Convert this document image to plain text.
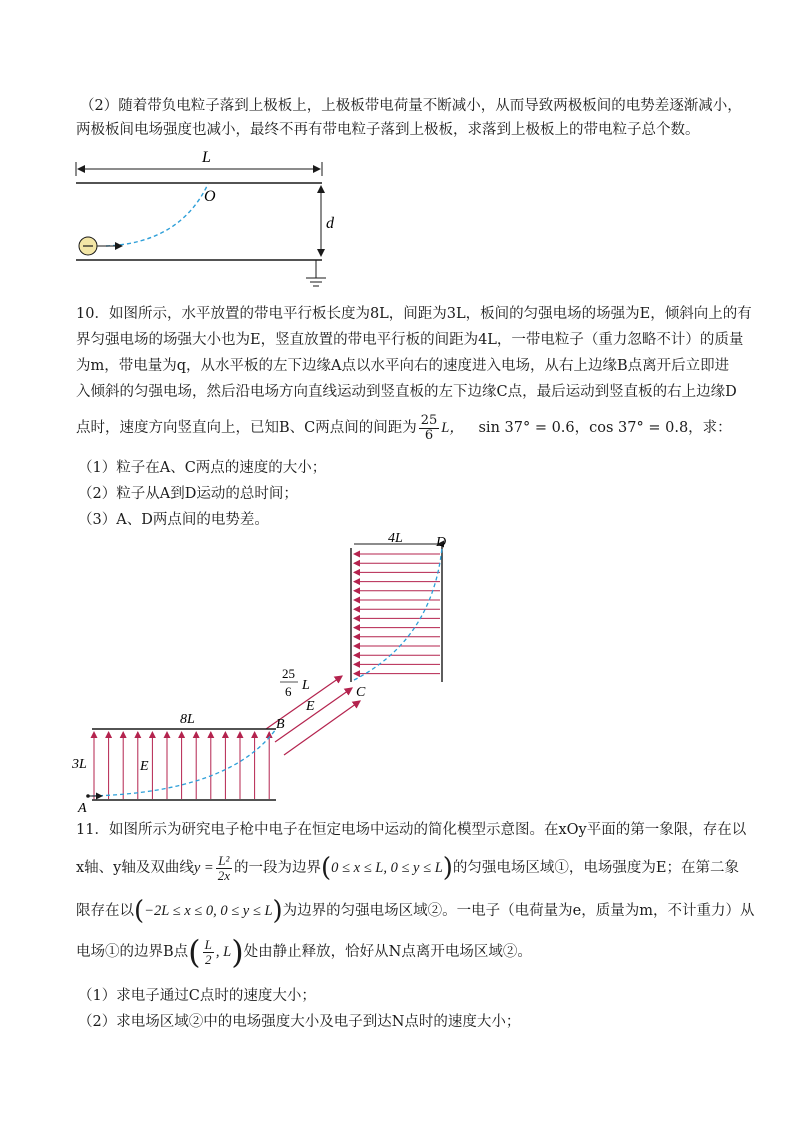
（2）随着带负电粒子落到上极板上，上极板带电荷量不断减小，从而导致两极板间的电势差逐渐减小，
两极板间电场强度也减小，最终不再有带电粒子落到上极板，求落到上极板上的带电粒子总个数。
L
O
d
10．如图所示，水平放置的带电平行板长度为8L，间距为3L，板间的匀强电场的场强为E，倾斜向上的有
界匀强电场的场强大小也为E，竖直放置的带电平行板的间距为4L，一带电粒子（重力忽略不计）的质量
为m，带电量为q，从水平板的左下边缘A点以水平向右的速度进入电场，从右上边缘B点离开后立即进
入倾斜的匀强电场，然后沿电场方向直线运动到竖直板的左下边缘C点，最后运动到竖直板的右上边缘D
点时，速度方向竖直向上，已知B、C两点间的间距为 $\frac{25}{6}$ L， sin 37° = 0.6，cos 37° = 0.8，求：
（1）粒子在A、C两点的速度的大小；
（2）粒子从A到D运动的总时间；
（3）A、D两点间的电势差。
4L D
C
E
25
6 L
8L
3L	E
B
A
11．如图所示为研究电子枪中电子在恒定电场中运动的简化模型示意图。在xOy平面的第一象限，存在以
x轴、y轴及双曲线$y = \frac{\text{L²}}{2x}$ 的一段为边界(0 ≤ x ≤ L, 0 ≤ y ≤ L)的匀强电场区域①，电场强度为E；在第二象
限存在以(−2L ≤ x ≤ 0, 0 ≤ y ≤ L)为边界的匀强电场区域②。一电子（电荷量为e，质量为m，不计重力）从
电场①的边界B点( $\frac{L}{2}$ , L)处由静止释放，恰好从N点离开电场区域②。
（1）求电子通过C点时的速度大小；
（2）求电场区域②中的电场强度大小及电子到达N点时的速度大小；
